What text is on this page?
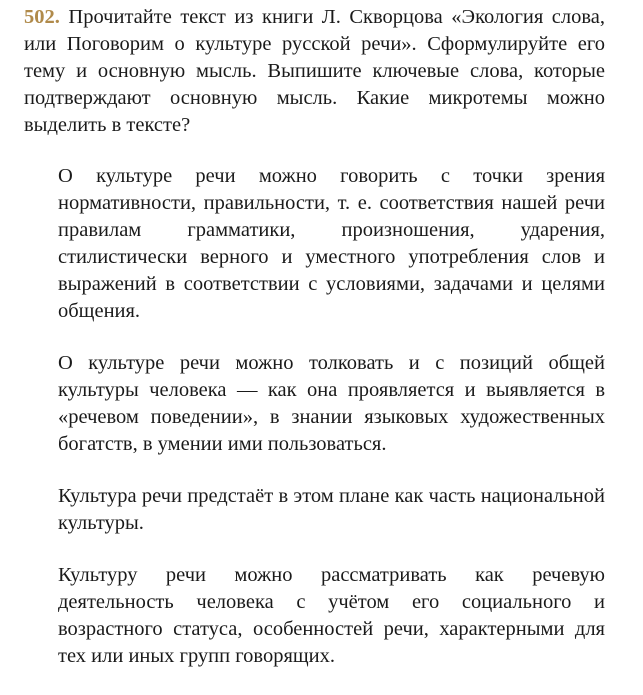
502. Прочитайте текст из книги Л. Скворцова «Экология слова, или Поговорим о культуре русской речи». Сформулируйте его тему и основную мысль. Выпишите ключевые слова, которые подтверждают основную мысль. Какие микротемы можно выделить в тексте?

О культуре речи можно говорить с точки зрения нормативности, правильности, т. е. соответствия нашей речи правилам грамматики, произношения, ударения, стилистически верного и уместного употребления слов и выражений в соответствии с условиями, задачами и целями общения.

О культуре речи можно толковать и с позиций общей культуры человека — как она проявляется и выявляется в «речевом поведении», в знании языковых художественных богатств, в умении ими пользоваться.

Культура речи предстаёт в этом плане как часть национальной культуры.

Культуру речи можно рассматривать как речевую деятельность человека с учётом его социального и возрастного статуса, особенностей речи, характерными для тех или иных групп говорящих.
